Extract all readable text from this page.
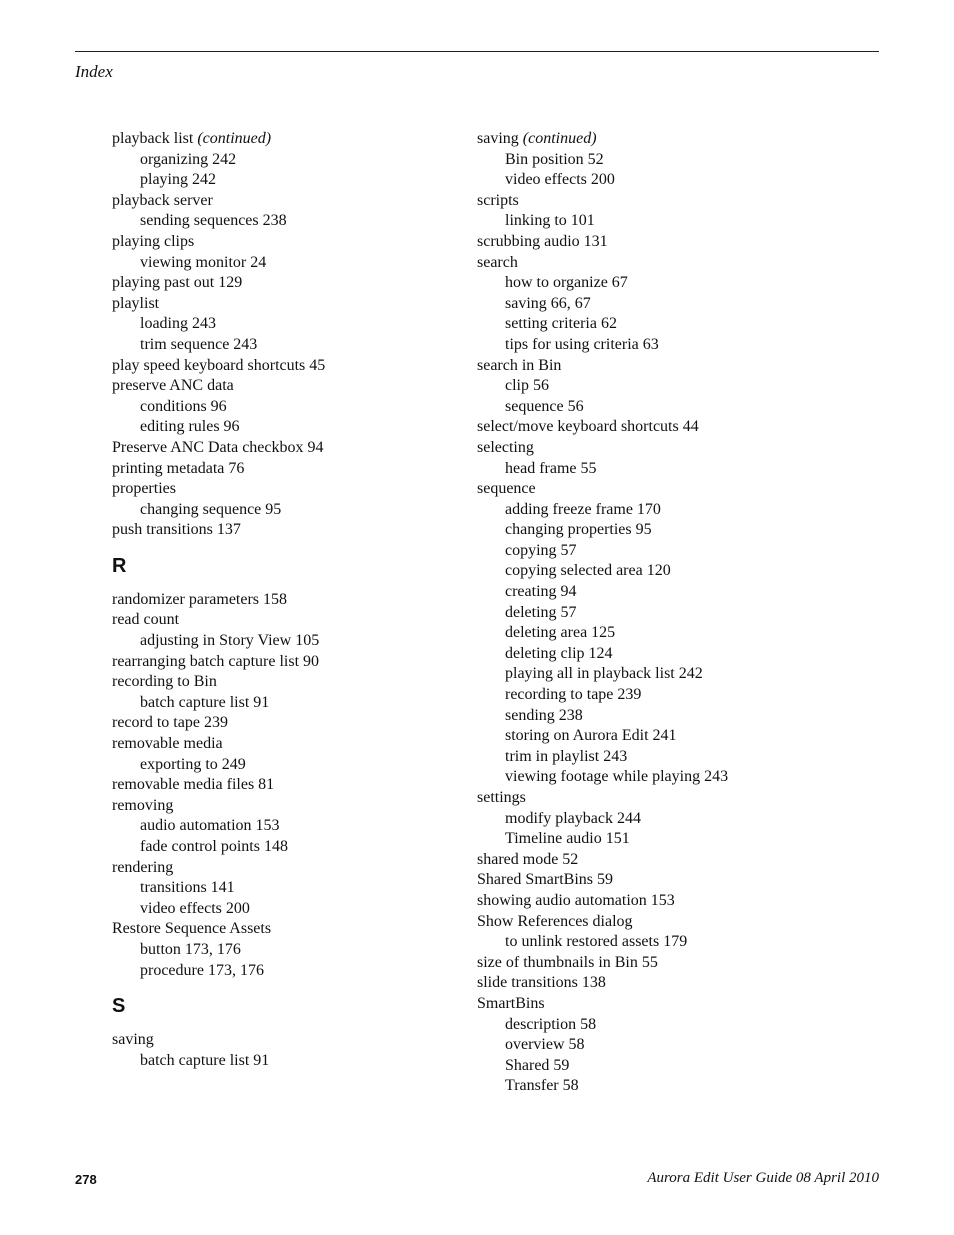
Index
playback list (continued)
organizing 242
playing 242
playback server
sending sequences 238
playing clips
viewing monitor 24
playing past out 129
playlist
loading 243
trim sequence 243
play speed keyboard shortcuts 45
preserve ANC data
conditions 96
editing rules 96
Preserve ANC Data checkbox 94
printing metadata 76
properties
changing sequence 95
push transitions 137
R
randomizer parameters 158
read count
adjusting in Story View 105
rearranging batch capture list 90
recording to Bin
batch capture list 91
record to tape 239
removable media
exporting to 249
removable media files 81
removing
audio automation 153
fade control points 148
rendering
transitions 141
video effects 200
Restore Sequence Assets
button 173, 176
procedure 173, 176
S
saving
batch capture list 91
saving (continued)
Bin position 52
video effects 200
scripts
linking to 101
scrubbing audio 131
search
how to organize 67
saving 66, 67
setting criteria 62
tips for using criteria 63
search in Bin
clip 56
sequence 56
select/move keyboard shortcuts 44
selecting
head frame 55
sequence
adding freeze frame 170
changing properties 95
copying 57
copying selected area 120
creating 94
deleting 57
deleting area 125
deleting clip 124
playing all in playback list 242
recording to tape 239
sending 238
storing on Aurora Edit 241
trim in playlist 243
viewing footage while playing 243
settings
modify playback 244
Timeline audio 151
shared mode 52
Shared SmartBins 59
showing audio automation 153
Show References dialog
to unlink restored assets 179
size of thumbnails in Bin 55
slide transitions 138
SmartBins
description 58
overview 58
Shared 59
Transfer 58
278	Aurora Edit User Guide 08 April 2010
